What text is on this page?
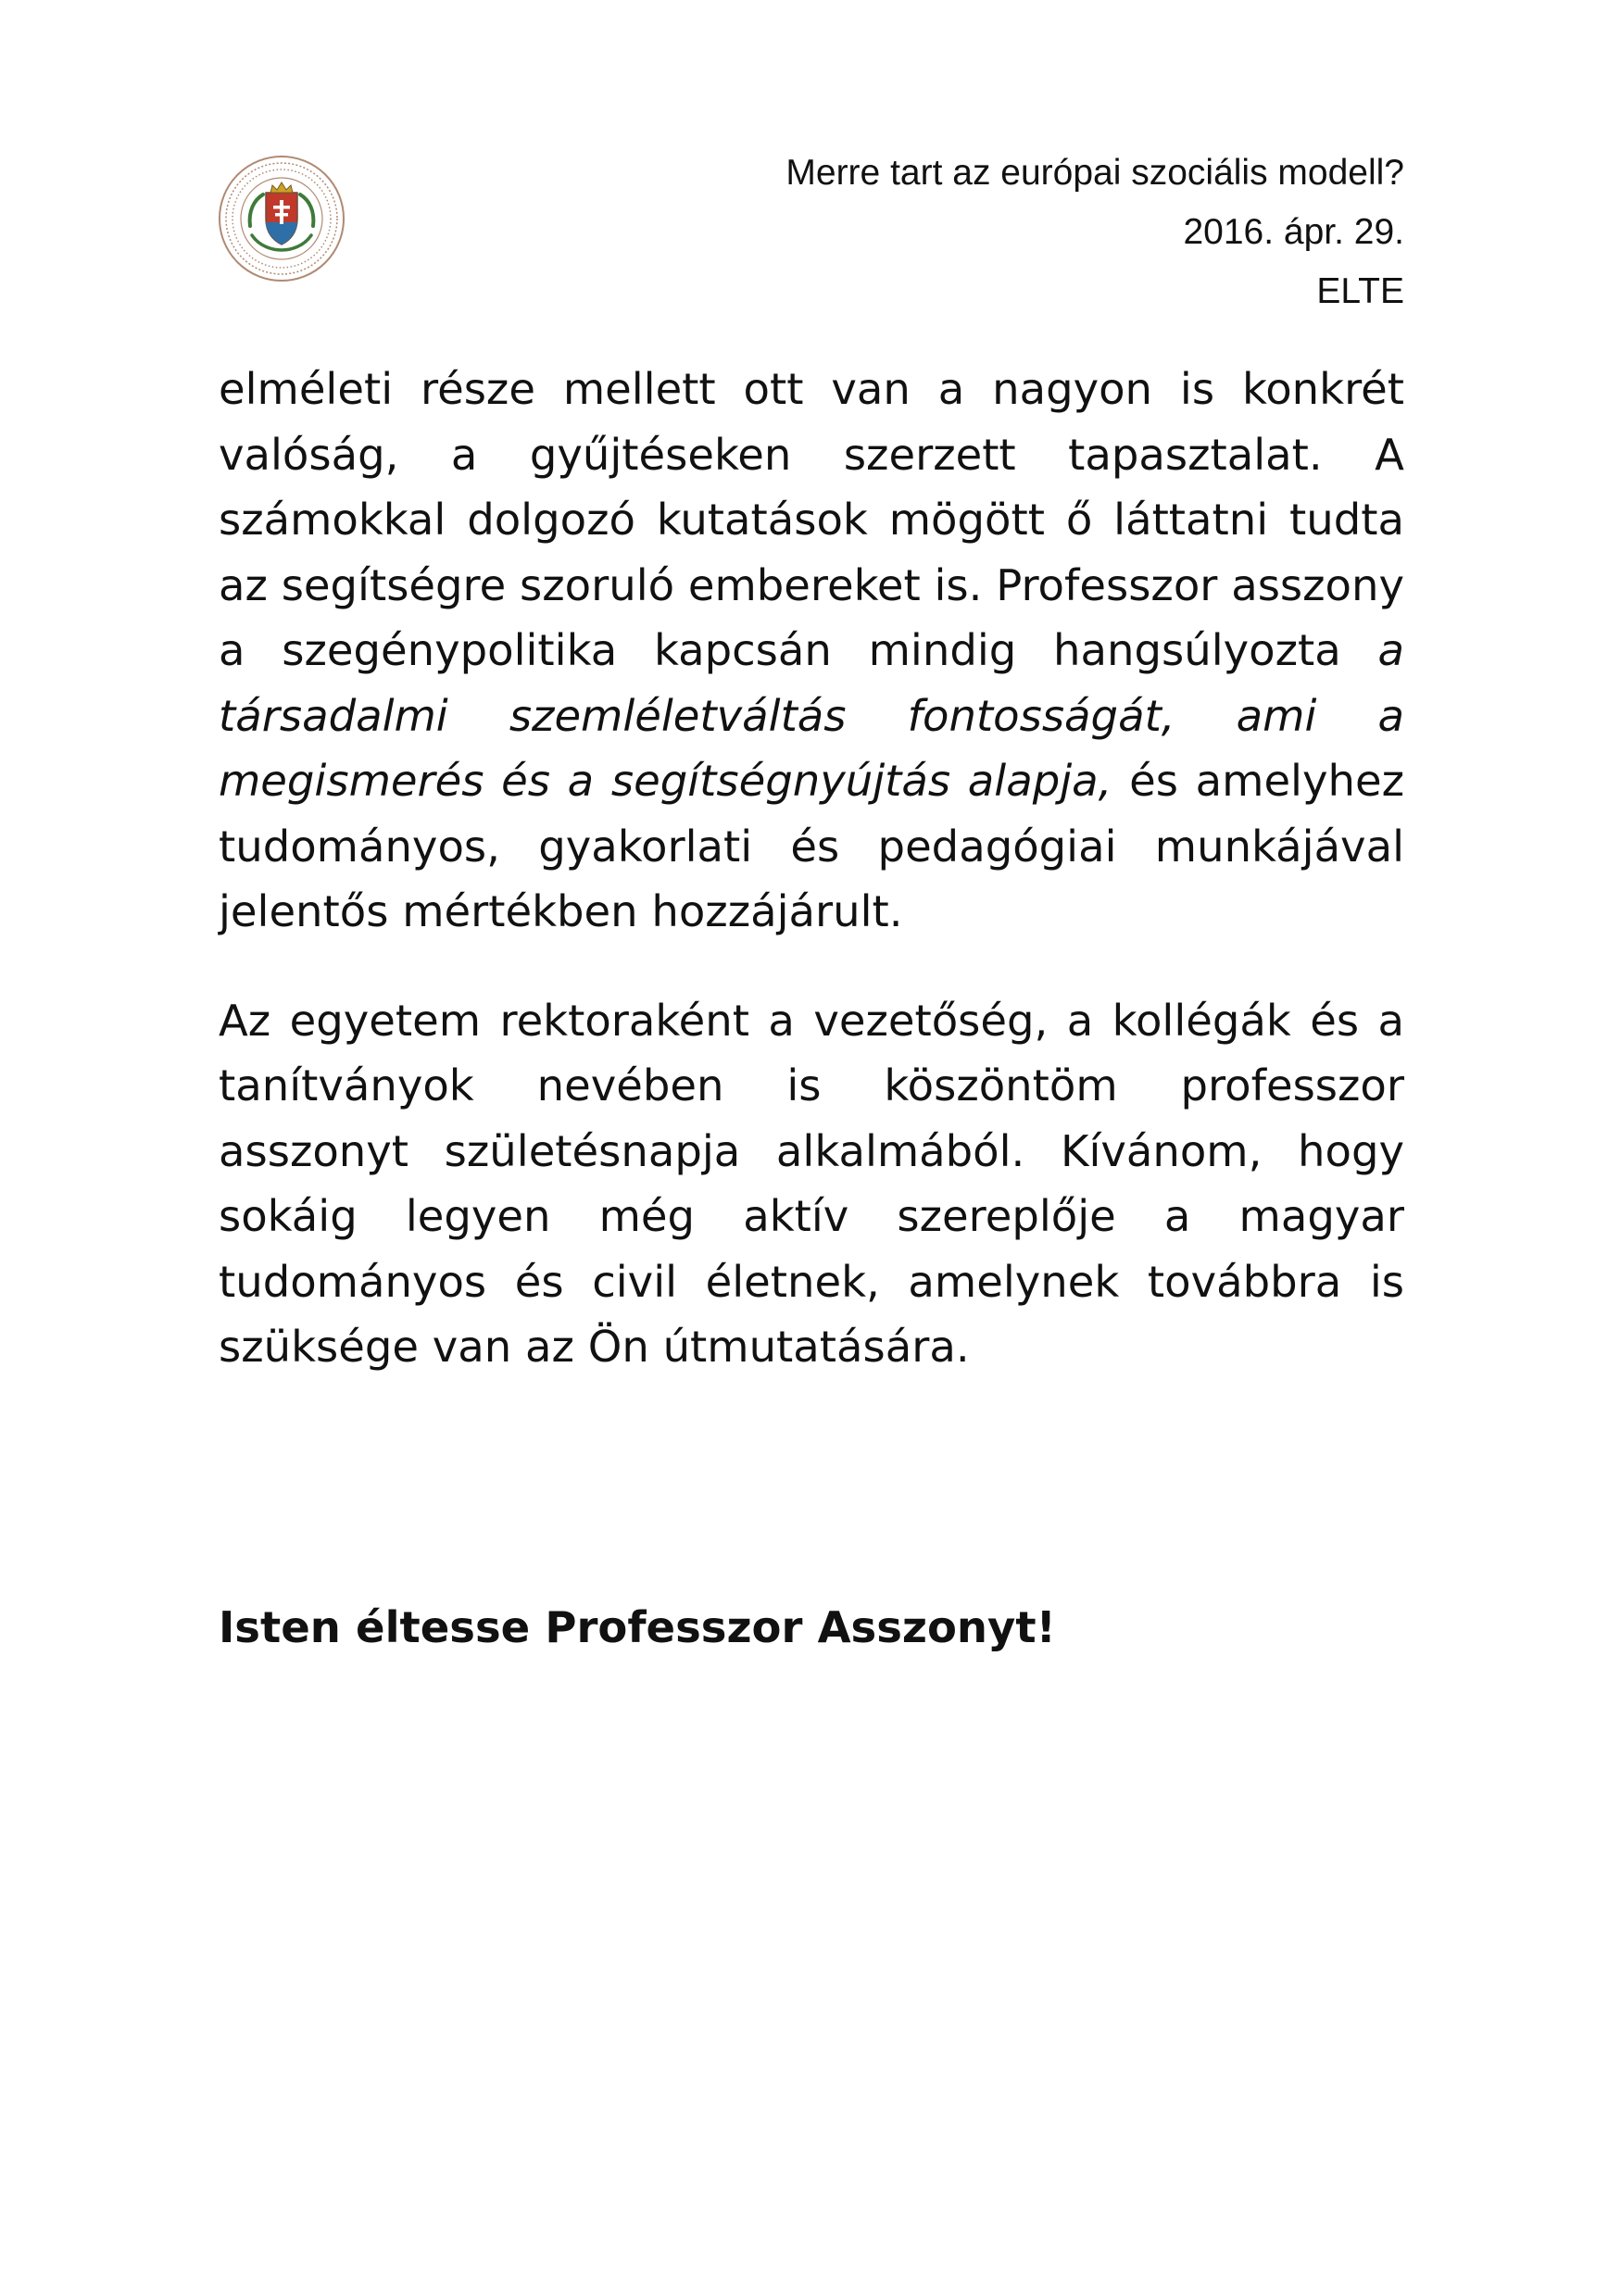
Merre tart az európai szociális modell?
2016. ápr. 29.
ELTE

elméleti része mellett ott van a nagyon is konkrét valóság, a gyűjtéseken szerzett tapasztalat. A számokkal dolgozó kutatások mögött ő láttatni tudta az segítségre szoruló embereket is. Professzor asszony a szegénypolitika kapcsán mindig hangsúlyozta a társadalmi szemléletváltás fontosságát, ami a megismerés és a segítségnyújtás alapja, és amelyhez tudományos, gyakorlati és pedagógiai munkájával jelentős mértékben hozzájárult.

Az egyetem rektoraként a vezetőség, a kollégák és a tanítványok nevében is köszöntöm professzor asszonyt születésnapja alkalmából. Kívánom, hogy sokáig legyen még aktív szereplője a magyar tudományos és civil életnek, amelynek továbbra is szüksége van az Ön útmutatására.

Isten éltesse Professzor Asszonyt!
